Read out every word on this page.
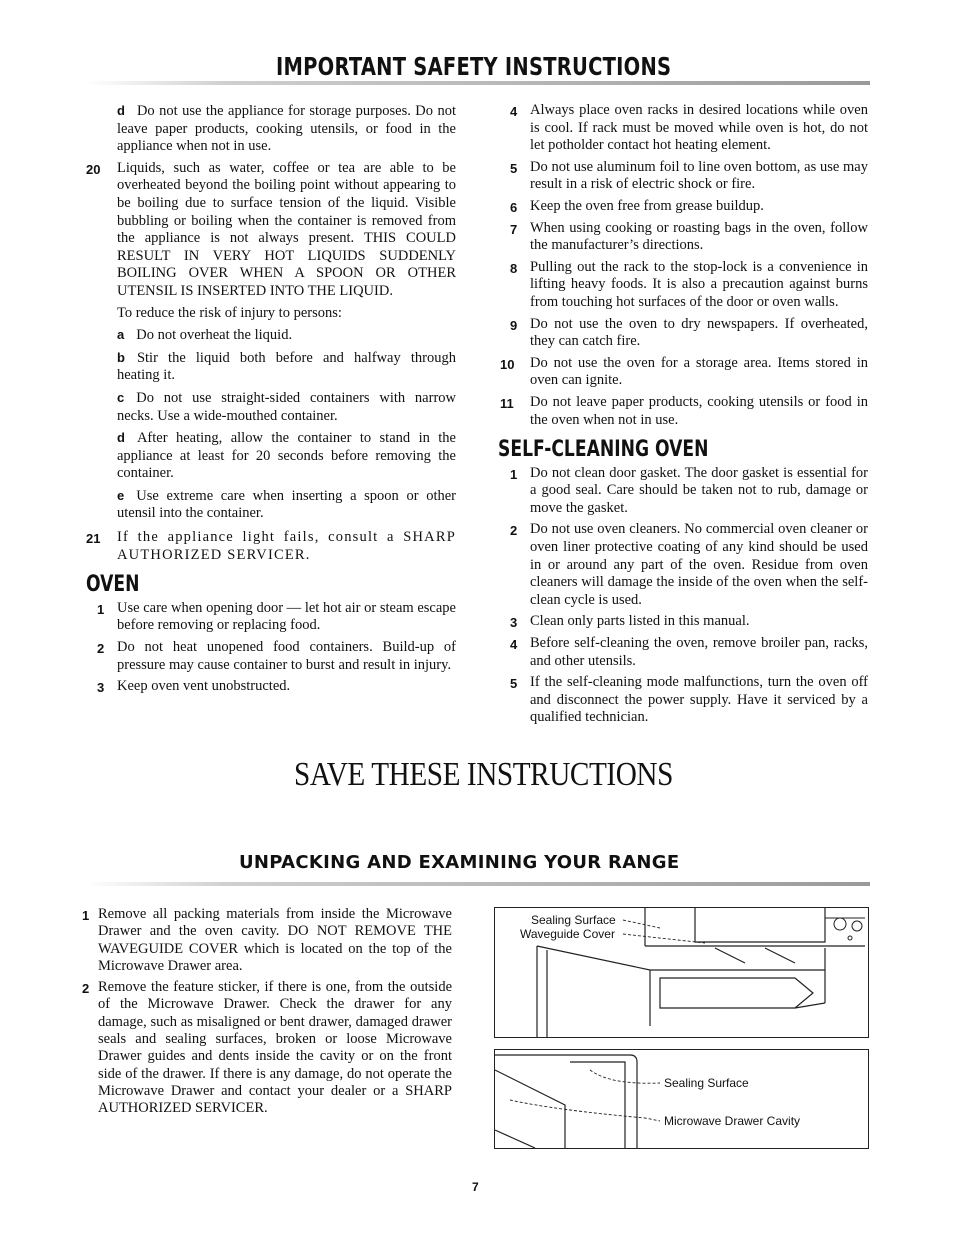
IMPORTANT SAFETY INSTRUCTIONS
d Do not use the appliance for storage purposes. Do not leave paper products, cooking utensils, or food in the appliance when not in use.
20 Liquids, such as water, coffee or tea are able to be overheated beyond the boiling point without appearing to be boiling due to surface tension of the liquid. Visible bubbling or boiling when the container is removed from the appliance is not always present. THIS COULD RESULT IN VERY HOT LIQUIDS SUDDENLY BOILING OVER WHEN A SPOON OR OTHER UTENSIL IS INSERTED INTO THE LIQUID.
To reduce the risk of injury to persons:
a Do not overheat the liquid.
b Stir the liquid both before and halfway through heating it.
c Do not use straight-sided containers with narrow necks. Use a wide-mouthed container.
d After heating, allow the container to stand in the appliance at least for 20 seconds before removing the container.
e Use extreme care when inserting a spoon or other utensil into the container.
21 If the appliance light fails, consult a SHARP AUTHORIZED SERVICER.
OVEN
1 Use care when opening door — let hot air or steam escape before removing or replacing food.
2 Do not heat unopened food containers. Build-up of pressure may cause container to burst and result in injury.
3 Keep oven vent unobstructed.
4 Always place oven racks in desired locations while oven is cool. If rack must be moved while oven is hot, do not let potholder contact hot heating element.
5 Do not use aluminum foil to line oven bottom, as use may result in a risk of electric shock or fire.
6 Keep the oven free from grease buildup.
7 When using cooking or roasting bags in the oven, follow the manufacturer’s directions.
8 Pulling out the rack to the stop-lock is a convenience in lifting heavy foods. It is also a precaution against burns from touching hot surfaces of the door or oven walls.
9 Do not use the oven to dry newspapers. If overheated, they can catch fire.
10 Do not use the oven for a storage area. Items stored in oven can ignite.
11 Do not leave paper products, cooking utensils or food in the oven when not in use.
SELF-CLEANING OVEN
1 Do not clean door gasket. The door gasket is essential for a good seal. Care should be taken not to rub, damage or move the gasket.
2 Do not use oven cleaners. No commercial oven cleaner or oven liner protective coating of any kind should be used in or around any part of the oven. Residue from oven cleaners will damage the inside of the oven when the self-clean cycle is used.
3 Clean only parts listed in this manual.
4 Before self-cleaning the oven, remove broiler pan, racks, and other utensils.
5 If the self-cleaning mode malfunctions, turn the oven off and disconnect the power supply. Have it serviced by a qualified technician.
SAVE THESE INSTRUCTIONS
UNPACKING AND EXAMINING YOUR RANGE
1 Remove all packing materials from inside the Microwave Drawer and the oven cavity. DO NOT REMOVE THE WAVEGUIDE COVER which is located on the top of the Microwave Drawer area.
2 Remove the feature sticker, if there is one, from the outside of the Microwave Drawer. Check the drawer for any damage, such as misaligned or bent drawer, damaged drawer seals and sealing surfaces, broken or loose Microwave Drawer guides and dents inside the cavity or on the front side of the drawer. If there is any damage, do not operate the Microwave Drawer and contact your dealer or a SHARP AUTHORIZED SERVICER.
Sealing Surface
Waveguide Cover
Sealing Surface
Microwave Drawer Cavity
7
